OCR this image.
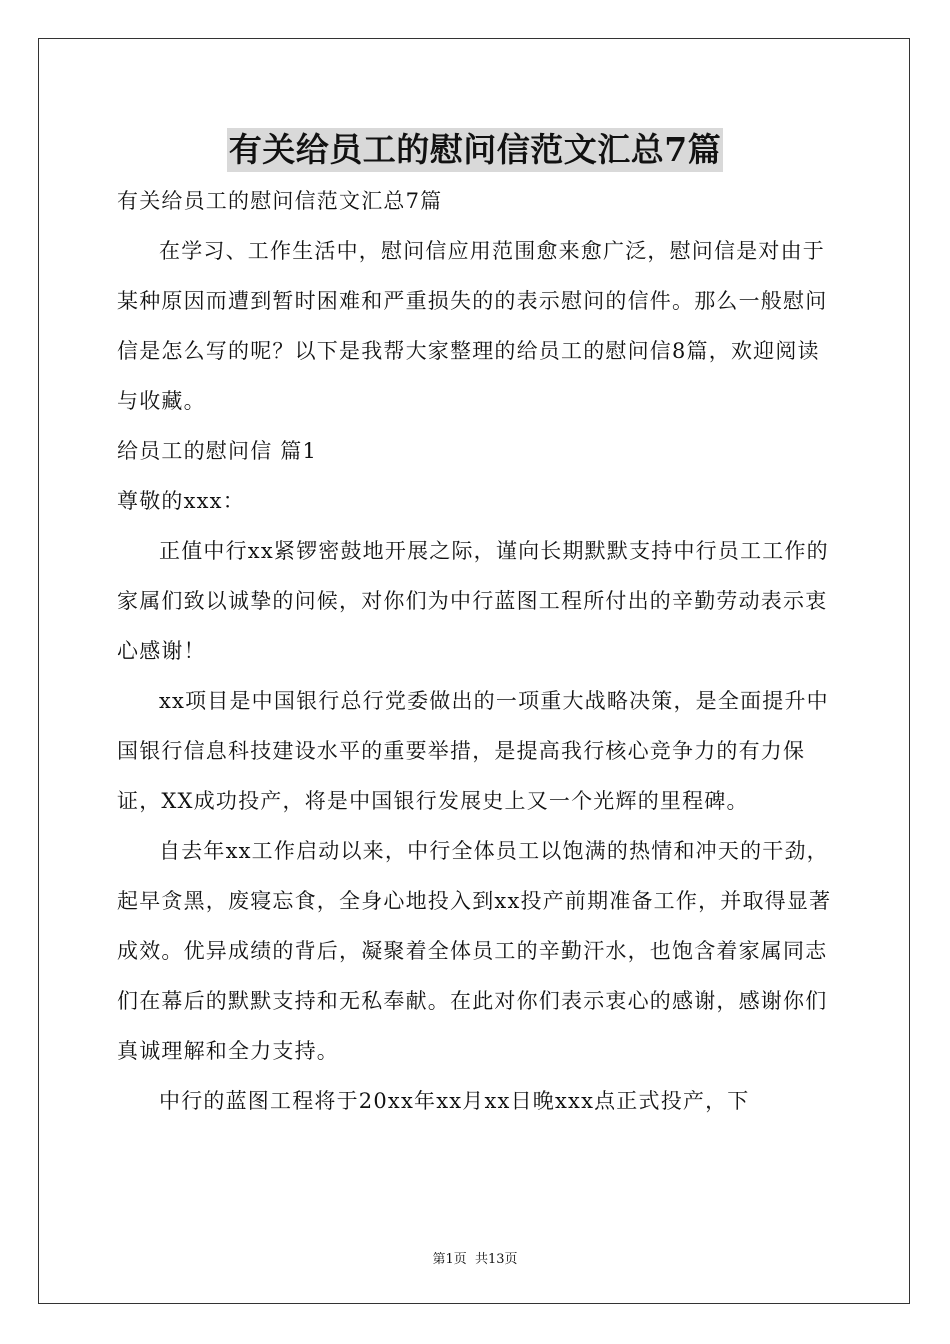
有关给员工的慰问信范文汇总7篇

有关给员工的慰问信范文汇总7篇

在学习、工作生活中，慰问信应用范围愈来愈广泛，慰问信是对由于某种原因而遭到暂时困难和严重损失的的表示慰问的信件。那么一般慰问信是怎么写的呢？以下是我帮大家整理的给员工的慰问信8篇，欢迎阅读与收藏。

给员工的慰问信 篇1

尊敬的xxx：

正值中行xx紧锣密鼓地开展之际，谨向长期默默支持中行员工工作的家属们致以诚挚的问候，对你们为中行蓝图工程所付出的辛勤劳动表示衷心感谢！

xx项目是中国银行总行党委做出的一项重大战略决策，是全面提升中国银行信息科技建设水平的重要举措，是提高我行核心竞争力的有力保证，XX成功投产，将是中国银行发展史上又一个光辉的里程碑。

自去年xx工作启动以来，中行全体员工以饱满的热情和冲天的干劲，起早贪黑，废寝忘食，全身心地投入到xx投产前期准备工作，并取得显著成效。优异成绩的背后，凝聚着全体员工的辛勤汗水，也饱含着家属同志们在幕后的默默支持和无私奉献。在此对你们表示衷心的感谢，感谢你们真诚理解和全力支持。

中行的蓝图工程将于20xx年xx月xx日晚xxx点正式投产，下

第1页 共13页
